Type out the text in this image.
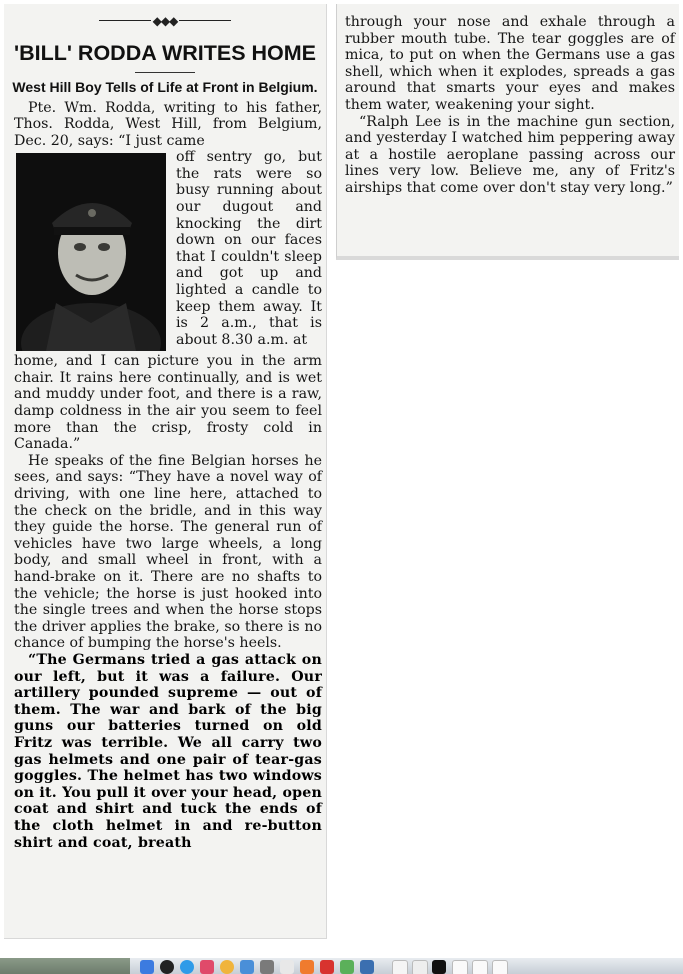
◆◆◆
'BILL' RODDA WRITES HOME
West Hill Boy Tells of Life at Front in Belgium.

Pte. Wm. Rodda, writing to his father, Thos. Rodda, West Hill, from Belgium, Dec. 20, says: “I just came

off sentry go, but the rats were so busy running about our dugout and knocking the dirt down on our faces that I couldn't sleep and got up and lighted a candle to keep them away. It is 2 a.m., that is about 8.30 a.m. at

home, and I can picture you in the arm chair. It rains here continually, and is wet and muddy under foot, and there is a raw, damp coldness in the air you seem to feel more than the crisp, frosty cold in Canada.”

He speaks of the fine Belgian horses he sees, and says: “They have a novel way of driving, with one line here, attached to the check on the bridle, and in this way they guide the horse. The general run of vehicles have two large wheels, a long body, and small wheel in front, with a hand-brake on it. There are no shafts to the vehicle; the horse is just hooked into the single trees and when the horse stops the driver applies the brake, so there is no chance of bumping the horse's heels.

“The Germans tried a gas attack on our left, but it was a failure. Our artillery pounded supreme — out of them. The war and bark of the big guns our batteries turned on old Fritz was terrible. We all carry two gas helmets and one pair of tear-gas goggles. The helmet has two windows on it. You pull it over your head, open coat and shirt and tuck the ends of the cloth helmet in and re-button shirt and coat, breath

through your nose and exhale through a rubber mouth tube. The tear goggles are of mica, to put on when the Germans use a gas shell, which when it explodes, spreads a gas around that smarts your eyes and makes them water, weakening your sight.

“Ralph Lee is in the machine gun section, and yesterday I watched him peppering away at a hostile aeroplane passing across our lines very low. Believe me, any of Fritz's airships that come over don't stay very long.”
